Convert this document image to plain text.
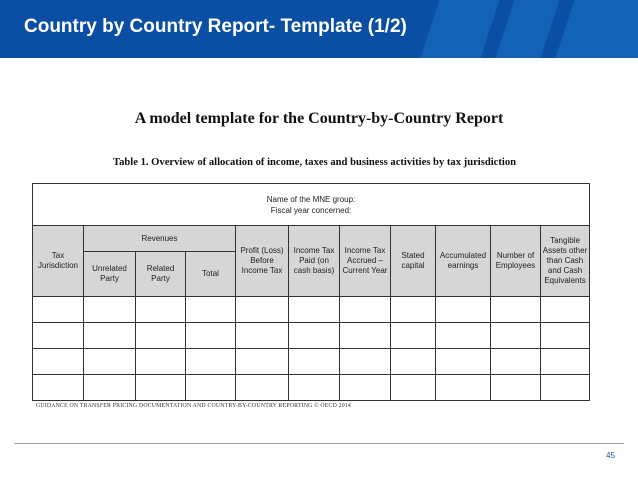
Country by Country Report- Template (1/2)
A model template for the Country-by-Country Report
Table 1. Overview of allocation of income, taxes and business activities by tax jurisdiction
Name of the MNE group:
Fiscal year concerned:										

Tax Jurisdiction	Revenues			Profit (Loss) Before Income Tax	Income Tax Paid (on cash basis)	Income Tax Accrued – Current Year	Stated capital	Accumulated earnings	Number of Employees	Tangible Assets other than Cash and Cash Equivalents
	Unrelated Party	Related Party	Total							

GUIDANCE ON TRANSFER PRICING DOCUMENTATION AND COUNTRY-BY-COUNTRY REPORTING © OECD 2014
45
